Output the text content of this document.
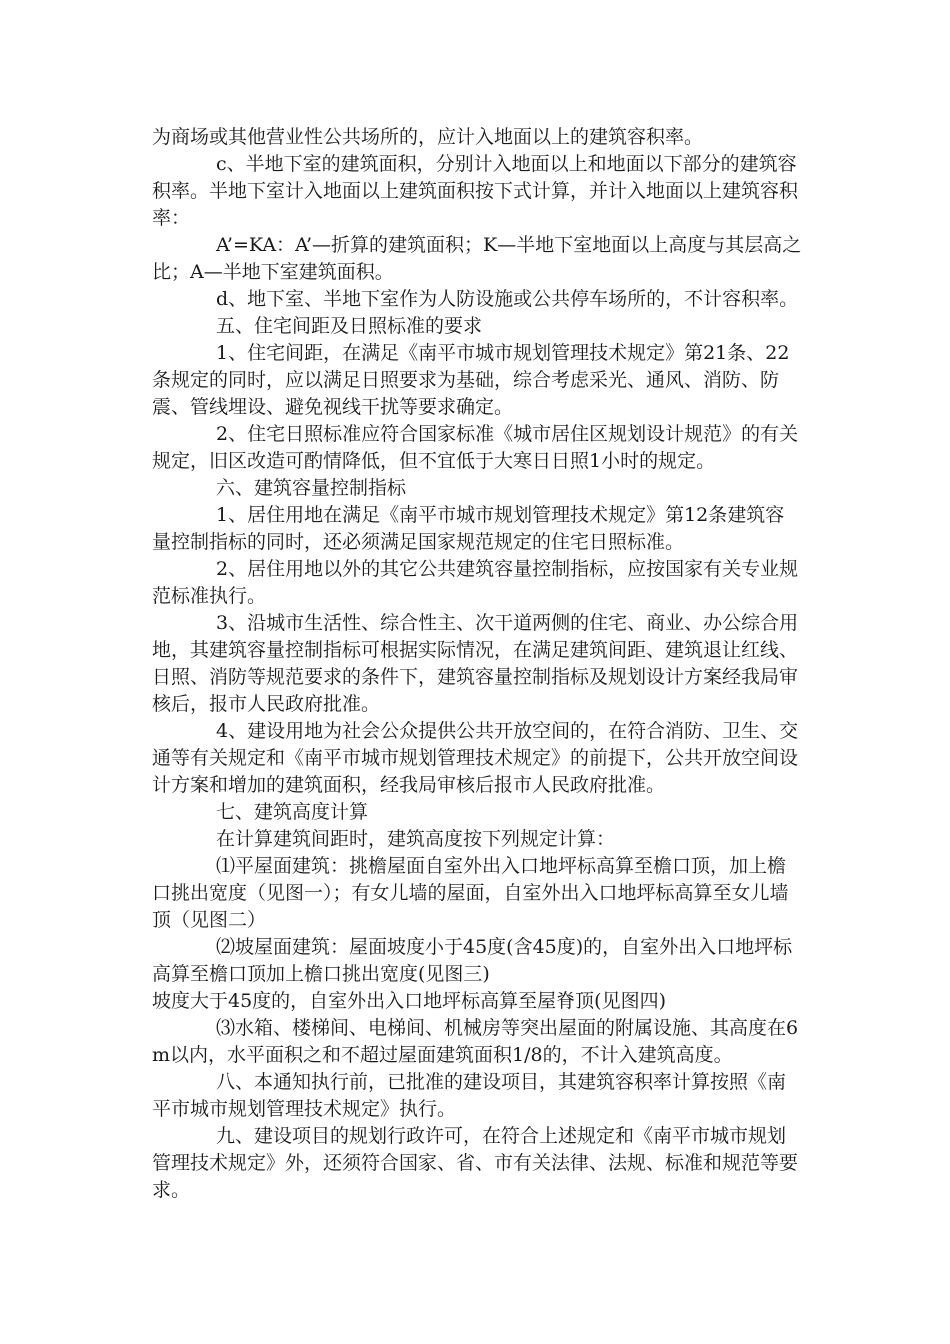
为商场或其他营业性公共场所的，应计入地面以上的建筑容积率。

c、半地下室的建筑面积，分别计入地面以上和地面以下部分的建筑容积率。半地下室计入地面以上建筑面积按下式计算，并计入地面以上建筑容积率：

A’=KA：A’—折算的建筑面积；K—半地下室地面以上高度与其层高之比；A—半地下室建筑面积。

d、地下室、半地下室作为人防设施或公共停车场所的，不计容积率。

五、住宅间距及日照标准的要求

1、住宅间距，在满足《南平市城市规划管理技术规定》第21条、22条规定的同时，应以满足日照要求为基础，综合考虑采光、通风、消防、防震、管线埋设、避免视线干扰等要求确定。

2、住宅日照标准应符合国家标准《城市居住区规划设计规范》的有关规定，旧区改造可酌情降低，但不宜低于大寒日日照1小时的规定。

六、建筑容量控制指标

1、居住用地在满足《南平市城市规划管理技术规定》第12条建筑容量控制指标的同时，还必须满足国家规范规定的住宅日照标准。

2、居住用地以外的其它公共建筑容量控制指标，应按国家有关专业规范标准执行。

3、沿城市生活性、综合性主、次干道两侧的住宅、商业、办公综合用地，其建筑容量控制指标可根据实际情况，在满足建筑间距、建筑退让红线、日照、消防等规范要求的条件下，建筑容量控制指标及规划设计方案经我局审核后，报市人民政府批准。

4、建设用地为社会公众提供公共开放空间的，在符合消防、卫生、交通等有关规定和《南平市城市规划管理技术规定》的前提下，公共开放空间设计方案和增加的建筑面积，经我局审核后报市人民政府批准。

七、建筑高度计算

在计算建筑间距时，建筑高度按下列规定计算：

⑴平屋面建筑：挑檐屋面自室外出入口地坪标高算至檐口顶，加上檐口挑出宽度（见图一）；有女儿墙的屋面，自室外出入口地坪标高算至女儿墙顶（见图二）

⑵坡屋面建筑：屋面坡度小于45度(含45度)的，自室外出入口地坪标高算至檐口顶加上檐口挑出宽度(见图三)

坡度大于45度的，自室外出入口地坪标高算至屋脊顶(见图四)

⑶水箱、楼梯间、电梯间、机械房等突出屋面的附属设施、其高度在6m以内，水平面积之和不超过屋面建筑面积1/8的，不计入建筑高度。

八、本通知执行前，已批准的建设项目，其建筑容积率计算按照《南平市城市规划管理技术规定》执行。

九、建设项目的规划行政许可，在符合上述规定和《南平市城市规划管理技术规定》外，还须符合国家、省、市有关法律、法规、标准和规范等要求。
